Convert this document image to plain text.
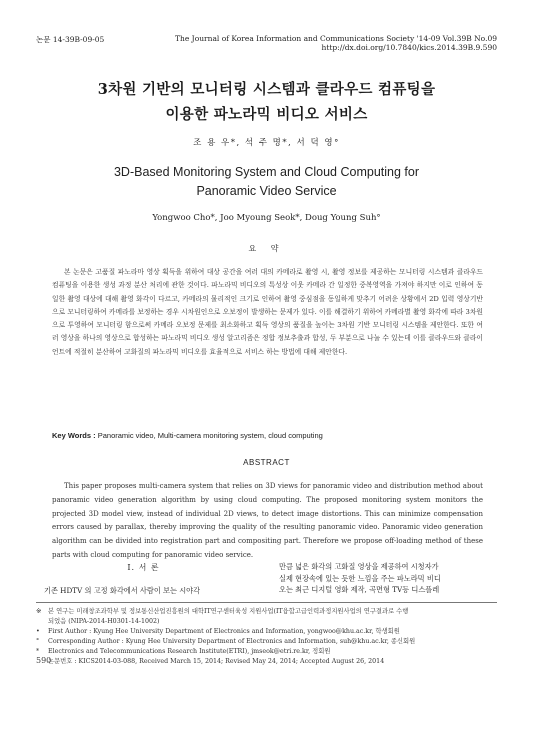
논문 14-39B-09-05	The Journal of Korea Information and Communications Society '14-09 Vol.39B No.09
http://dx.doi.org/10.7840/kics.2014.39B.9.590
3차원 기반의 모니터링 시스템과 클라우드 컴퓨팅을
이용한 파노라믹 비디오 서비스
조 용 우*, 석 주 명*, 서 덕 영°
3D-Based Monitoring System and Cloud Computing for
Panoramic Video Service
Yongwoo Cho*, Joo Myoung Seok*, Doug Young Suh°
요 약

본 논문은 고품질 파노라마 영상 획득을 위하여 대상 공간을 여러 대의 카메라로 촬영 시, 촬영 정보를 제공하는 모니터링 시스템과 클라우드 컴퓨팅을 이용한 생성 과정 분산 처리에 관한 것이다. 파노라믹 비디오의 특성상 이웃 카메라 간 일정한 중복영역을 가져야 하지만 이로 인하여 동일한 촬영 대상에 대해 촬영 화각이 다르고, 카메라의 물리적인 크기로 인하여 촬영 중심점을 동일하게 맞추기 어려운 상황에서 2D 입력 영상기반으로 모니터링하여 카메라를 보정하는 경우 시차원인으로 오보정이 발생하는 문제가 있다. 이를 해결하기 위하여 카메라별 촬영 화각에 따라 3차원으로 투영하여 모니터링 함으로써 카메라 오보정 문제를 최소화하고 획득 영상의 품질을 높이는 3차원 기반 모니터링 시스템을 제안한다. 또한 여러 영상을 하나의 영상으로 합성하는 파노라믹 비디오 생성 알고리즘은 정합 정보추출과 합성, 두 부분으로 나눌 수 있는데 이를 클라우드와 클라이언트에 적절히 분산하여 고화질의 파노라믹 비디오를 효율적으로 서비스 하는 방법에 대해 제안한다.

Key Words : Panoramic video, Multi-camera monitoring system, cloud computing
ABSTRACT

This paper proposes multi-camera system that relies on 3D views for panoramic video and distribution method about panoramic video generation algorithm by using cloud computing. The proposed monitoring system monitors the projected 3D model view, instead of individual 2D views, to detect image distortions. This can minimize compensation errors caused by parallax, thereby improving the quality of the resulting panoramic video. Panoramic video generation algorithm can be divided into registration part and compositing part. Therefore we propose off-loading method of these parts with cloud computing for panoramic video service.

I. 서 론
기존 HDTV 의 고정 화각에서 사람이 보는 시야각
만큼 넓은 화각의 고화질 영상을 제공하여 시청자가
실제 현장속에 있는 듯한 느낌을 주는 파노라믹 비디
오는 최근 디지털 영화 제작, 곡면형 TV등 디스플레
※ 본 연구는 미래창조과학부 및 정보통신산업진흥원의 대학IT연구센터육성 지원사업(IT융합고급인력과정지원사업의 연구결과로 수행
되었음 (NIPA-2014-H0301-14-1002)
• First Author : Kyung Hee University Department of Electronics and Information, yongwoo@khu.ac.kr, 학생회원
° Corresponding Author : Kyung Hee University Department of Electronics and Information, suh@khu.ac.kr, 종신회원
* Electronics and Telecommunications Research Institute(ETRI), jmseok@etri.re.kr, 정회원
논문번호 : KICS2014-03-088, Received March 15, 2014; Revised May 24, 2014; Accepted August 26, 2014
590
